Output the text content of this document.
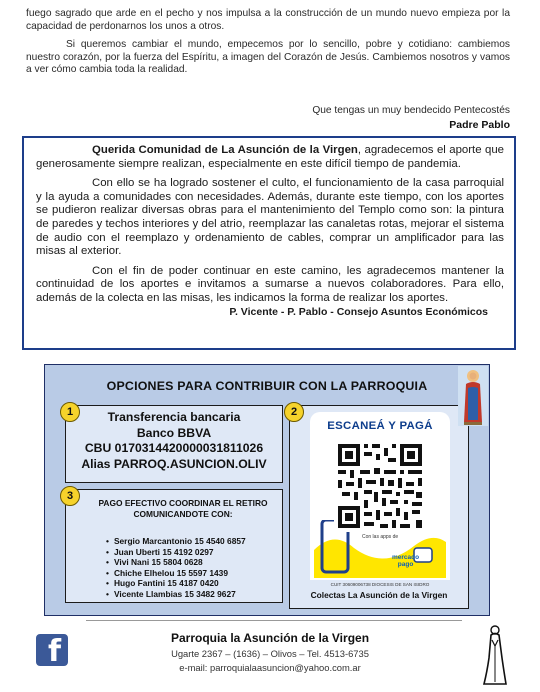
fuego sagrado que arde en el pecho y nos impulsa a la construcción de un mundo nuevo empieza por la capacidad de perdonarnos los unos a otros.

Si queremos cambiar el mundo, empecemos por lo sencillo, pobre y cotidiano: cambiemos nuestro corazón, por la fuerza del Espíritu, a imagen del Corazón de Jesús. Cambiemos nosotros y vamos a ver cómo cambia toda la realidad.

Que tengas un muy bendecido Pentecostés
Padre Pablo

Querida Comunidad de La Asunción de la Virgen, agradecemos el aporte que generosamente siempre realizan, especialmente en este difícil tiempo de pandemia.

Con ello se ha logrado sostener el culto, el funcionamiento de la casa parroquial y la ayuda a comunidades con necesidades. Además, durante este tiempo, con los aportes se pudieron realizar diversas obras para el mantenimiento del Templo como son: la pintura de paredes y techos interiores y del atrio, reemplazar las canaletas rotas, mejorar el sistema de audio con el reemplazo y ordenamiento de cables, comprar un amplificador para las misas al exterior.

Con el fin de poder continuar en este camino, les agradecemos mantener la continuidad de los aportes e invitamos a sumarse a nuevos colaboradores. Para ello, además de la colecta en las misas, les indicamos la forma de realizar los aportes.
P. Vicente - P. Pablo - Consejo Asuntos Económicos

OPCIONES PARA CONTRIBUIR CON LA PARROQUIA
1	Transferencia bancaria
Banco BBVA
CBU 0170314420000031811026
Alias PARROQ.ASUNCION.OLIV
3
PAGO EFECTIVO COORDINAR EL RETIRO COMUNICANDOTE CON:
• Sergio Marcantonio 15 4540 6857
• Juan Uberti 15 4192 0297
• Vivi Nani 15 5804 0628
• Chiche Elhelou 15 5597 1439
• Hugo Fantini 15 4187 0420
• Vicente Llambias 15 3482 9627
2
ESCANEÁ Y PAGÁ
Con las apps de
mercado
pago
CUIT 30609006738 DIOCESIS DE SAN ISIDRO
Colectas La Asunción de la Virgen
f	Parroquia la Asunción de la Virgen
Ugarte 2367 – (1636) – Olivos – Tel. 4513-6735
e-mail: parroquialaasuncion@yahoo.com.ar
